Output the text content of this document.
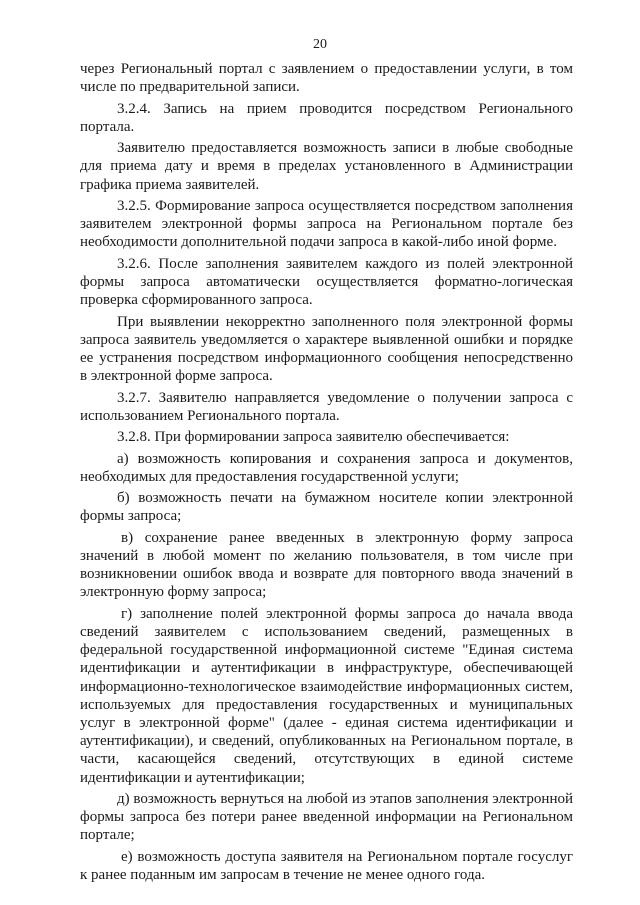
20

через Региональный портал с заявлением о предоставлении услуги, в том числе по предварительной записи.

3.2.4. Запись на прием проводится посредством Регионального портала.

Заявителю предоставляется возможность записи в любые свободные для приема дату и время в пределах установленного в Администрации графика приема заявителей.

3.2.5. Формирование запроса осуществляется посредством заполнения заявителем электронной формы запроса на Региональном портале без необходимости дополнительной подачи запроса в какой-либо иной форме.

3.2.6. После заполнения заявителем каждого из полей электронной формы запроса автоматически осуществляется форматно-логическая проверка сформированного запроса.

При выявлении некорректно заполненного поля электронной формы запроса заявитель уведомляется о характере выявленной ошибки и порядке ее устранения посредством информационного сообщения непосредственно в электронной форме запроса.

3.2.7. Заявителю направляется уведомление о получении запроса с использованием Регионального портала.

3.2.8. При формировании запроса заявителю обеспечивается:

а) возможность копирования и сохранения запроса и документов, необходимых для предоставления государственной услуги;

б) возможность печати на бумажном носителе копии электронной формы запроса;

в) сохранение ранее введенных в электронную форму запроса значений в любой момент по желанию пользователя, в том числе при возникновении ошибок ввода и возврате для повторного ввода значений в электронную форму запроса;

г) заполнение полей электронной формы запроса до начала ввода сведений заявителем с использованием сведений, размещенных в федеральной государственной информационной системе "Единая система идентификации и аутентификации в инфраструктуре, обеспечивающей информационно-технологическое взаимодействие информационных систем, используемых для предоставления государственных и муниципальных услуг в электронной форме" (далее - единая система идентификации и аутентификации), и сведений, опубликованных на Региональном портале, в части, касающейся сведений, отсутствующих в единой системе идентификации и аутентификации;

д) возможность вернуться на любой из этапов заполнения электронной формы запроса без потери ранее введенной информации на Региональном портале;

е) возможность доступа заявителя на Региональном портале госуслуг к ранее поданным им запросам в течение не менее одного года.
